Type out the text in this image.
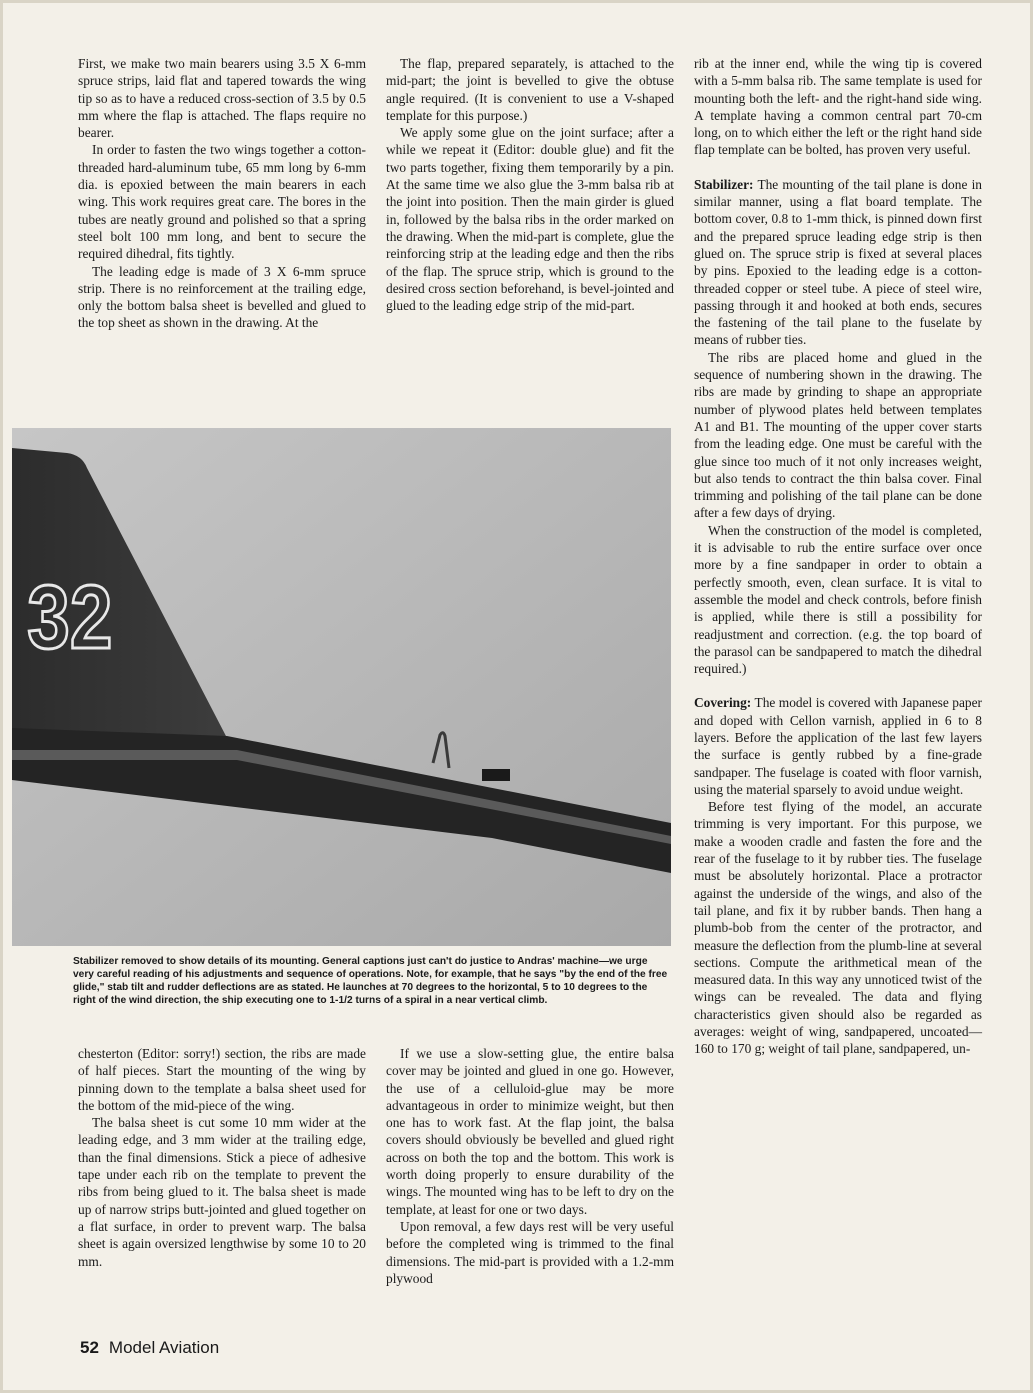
First, we make two main bearers using 3.5 X 6-mm spruce strips, laid flat and tapered towards the wing tip so as to have a reduced cross-section of 3.5 by 0.5 mm where the flap is attached. The flaps require no bearer.

In order to fasten the two wings together a cotton-threaded hard-aluminum tube, 65 mm long by 6-mm dia. is epoxied between the main bearers in each wing. This work requires great care. The bores in the tubes are neatly ground and polished so that a spring steel bolt 100 mm long, and bent to secure the required dihedral, fits tightly.

The leading edge is made of 3 X 6-mm spruce strip. There is no reinforcement at the trailing edge, only the bottom balsa sheet is bevelled and glued to the top sheet as shown in the drawing. At the

The flap, prepared separately, is attached to the mid-part; the joint is bevelled to give the obtuse angle required. (It is convenient to use a V-shaped template for this purpose.)

We apply some glue on the joint surface; after a while we repeat it (Editor: double glue) and fit the two parts together, fixing them temporarily by a pin. At the same time we also glue the 3-mm balsa rib at the joint into position. Then the main girder is glued in, followed by the balsa ribs in the order marked on the drawing. When the mid-part is complete, glue the reinforcing strip at the leading edge and then the ribs of the flap. The spruce strip, which is ground to the desired cross section beforehand, is bevel-jointed and glued to the leading edge strip of the mid-part.

rib at the inner end, while the wing tip is covered with a 5-mm balsa rib. The same template is used for mounting both the left- and the right-hand side wing. A template having a common central part 70-cm long, on to which either the left or the right hand side flap template can be bolted, has proven very useful.

Stabilizer: The mounting of the tail plane is done in similar manner, using a flat board template. The bottom cover, 0.8 to 1-mm thick, is pinned down first and the prepared spruce leading edge strip is then glued on. The spruce strip is fixed at several places by pins. Epoxied to the leading edge is a cotton-threaded copper or steel tube. A piece of steel wire, passing through it and hooked at both ends, secures the fastening of the tail plane to the fuselate by means of rubber ties.

The ribs are placed home and glued in the sequence of numbering shown in the drawing. The ribs are made by grinding to shape an appropriate number of plywood plates held between templates A1 and B1. The mounting of the upper cover starts from the leading edge. One must be careful with the glue since too much of it not only increases weight, but also tends to contract the thin balsa cover. Final trimming and polishing of the tail plane can be done after a few days of drying.

When the construction of the model is completed, it is advisable to rub the entire surface over once more by a fine sandpaper in order to obtain a perfectly smooth, even, clean surface. It is vital to assemble the model and check controls, before finish is applied, while there is still a possibility for readjustment and correction. (e.g. the top board of the parasol can be sandpapered to match the dihedral required.)

Covering: The model is covered with Japanese paper and doped with Cellon varnish, applied in 6 to 8 layers. Before the application of the last few layers the surface is gently rubbed by a fine-grade sandpaper. The fuselage is coated with floor varnish, using the material sparsely to avoid undue weight.

Before test flying of the model, an accurate trimming is very important. For this purpose, we make a wooden cradle and fasten the fore and the rear of the fuselage to it by rubber ties. The fuselage must be absolutely horizontal. Place a protractor against the underside of the wings, and also of the tail plane, and fix it by rubber bands. Then hang a plumb-bob from the center of the protractor, and measure the deflection from the plumb-line at several sections. Compute the arithmetical mean of the measured data. In this way any unnoticed twist of the wings can be revealed. The data and flying characteristics given should also be regarded as averages: weight of wing, sandpapered, uncoated—160 to 170 g; weight of tail plane, sandpapered, un-

32
Stabilizer removed to show details of its mounting. General captions just can't do justice to Andras' machine—we urge very careful reading of his adjustments and sequence of operations. Note, for example, that he says "by the end of the free glide," stab tilt and rudder deflections are as stated. He launches at 70 degrees to the horizontal, 5 to 10 degrees to the right of the wind direction, the ship executing one to 1-1/2 turns of a spiral in a near vertical climb.

chesterton (Editor: sorry!) section, the ribs are made of half pieces. Start the mounting of the wing by pinning down to the template a balsa sheet used for the bottom of the mid-piece of the wing.

The balsa sheet is cut some 10 mm wider at the leading edge, and 3 mm wider at the trailing edge, than the final dimensions. Stick a piece of adhesive tape under each rib on the template to prevent the ribs from being glued to it. The balsa sheet is made up of narrow strips butt-jointed and glued together on a flat surface, in order to prevent warp. The balsa sheet is again oversized lengthwise by some 10 to 20 mm.

If we use a slow-setting glue, the entire balsa cover may be jointed and glued in one go. However, the use of a celluloid-glue may be more advantageous in order to minimize weight, but then one has to work fast. At the flap joint, the balsa covers should obviously be bevelled and glued right across on both the top and the bottom. This work is worth doing properly to ensure durability of the wings. The mounted wing has to be left to dry on the template, at least for one or two days.

Upon removal, a few days rest will be very useful before the completed wing is trimmed to the final dimensions. The mid-part is provided with a 1.2-mm plywood

52 Model Aviation
